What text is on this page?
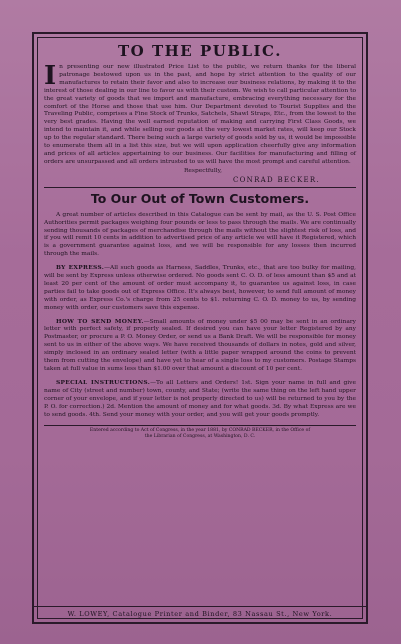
TO THE PUBLIC.

In presenting our new illustrated Price List to the public, we return thanks for the liberal patronage bestowed upon us in the past, and hope by strict attention to the quality of our manufactures to retain their favor and also to increase our business relations, by making it to the interest of those dealing in our line to favor us with their custom. We wish to call particular attention to the great variety of goods that we import and manufacture, embracing everything necessary for the comfort of the Horse and those that use him. Our Department devoted to Tourist Supplies and the Traveling Public, comprises a Fine Stock of Trunks, Satchels, Shawl Straps, Etc., from the lowest to the very best grades. Having the well earned reputation of making and carrying First Class Goods, we intend to maintain it, and while selling our goods at the very lowest market rates, will keep our Stock up to the regular standard. There being such a large variety of goods sold by us, it would be impossible to enumerate them all in a list this size, but we will upon application cheerfully give any information and prices of all articles appertaining to our business. Our facilities for manufacturing and filling of orders are unsurpassed and all orders intrusted to us will have the most prompt and careful attention.

Respectfully,
CONRAD BECKER.
To Our Out of Town Customers.

A great number of articles described in this Catalogue can be sent by mail, as the U. S. Post Office Authorities permit packages weighing four pounds or less to pass through the mails. We are continually sending thousands of packages of merchandise through the mails without the slightest risk of loss, and if you will remit 10 cents in addition to advertised price of any article we will have it Registered, which is a government guarantee against loss, and we will be responsible for any losses then incurred through the mails.

BY EXPRESS.—All such goods as Harness, Saddles, Trunks, etc., that are too bulky for mailing, will be sent by Express unless otherwise ordered. No goods sent C. O. D. of less amount than $5 and at least 20 per cent of the amount of order must accompany it, to guarantee us against loss, in case parties fail to take goods out of Express Office. It's always best, however, to send full amount of money with order, as Express Co.'s charge from 25 cents to $1. returning C. O. D. money to us, by sending money with order, our customers save this expense.

HOW TO SEND MONEY.—Small amounts of money under $5 00 may be sent in an ordinary letter with perfect safety, if properly sealed. If desired you can have your letter Registered by any Postmaster, or procure a P. O. Money Order, or send us a Bank Draft. We will be responsible for money sent to us in either of the above ways. We have received thousands of dollars in notes, gold and silver, simply inclosed in an ordinary sealed letter (with a little paper wrapped around the coins to prevent them from cutting the envelope) and have yet to hear of a single loss to my customers. Postage Stamps taken at full value in sums less than $1.00 over that amount a discount of 10 per cent.

SPECIAL INSTRUCTIONS.—To all Letters and Orders! 1st. Sign your name in full and give name of City (street and number) town, county, and State; (write the same thing on the left hand upper corner of your envelope, and if your letter is not properly directed to us) will be returned to you by the P. O. for correction.) 2d. Mention the amount of money and for what goods. 3d. By what Express are we to send goods. 4th. Send your money with your order, and you will get your goods promptly.

Entered according to Act of Congress, in the year 1881, by CONRAD BECKER, in the Office of
the Librarian of Congress, at Washington, D. C.
W. LOWEY, Catalogue Printer and Binder, 83 Nassau St., New York.
